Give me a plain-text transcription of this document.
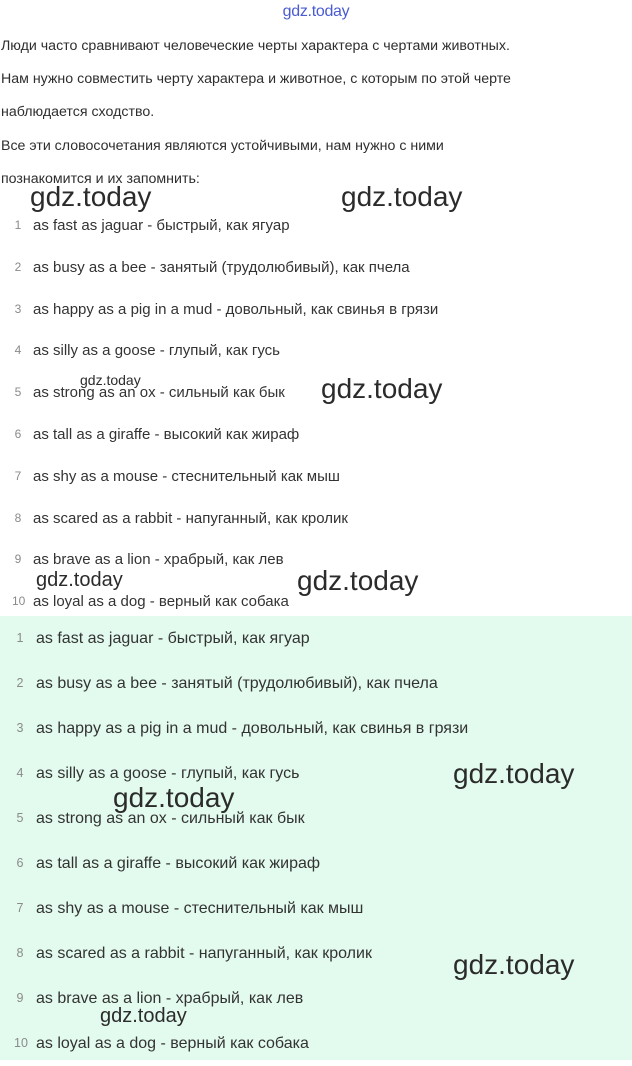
gdz.today

Люди часто сравнивают человеческие черты характера с чертами животных.

Нам нужно совместить черту характера и животное, с которым по этой черте

наблюдается сходство.

Все эти словосочетания являются устойчивыми, нам нужно с ними

познакомится и их запомнить:

1 as fast as jaguar - быстрый, как ягуар
2 as busy as a bee - занятый (трудолюбивый), как пчела
3 as happy as a pig in a mud - довольный, как свинья в грязи
4 as silly as a goose - глупый, как гусь
5 as strong as an ox - сильный как бык
6 as tall as a giraffe - высокий как жираф
7 as shy as a mouse - стеснительный как мыш
8 as scared as a rabbit - напуганный, как кролик
9 as brave as a lion - храбрый, как лев
10 as loyal as a dog - верный как собака
1 as fast as jaguar - быстрый, как ягуар
2 as busy as a bee - занятый (трудолюбивый), как пчела
3 as happy as a pig in a mud - довольный, как свинья в грязи
4 as silly as a goose - глупый, как гусь
5 as strong as an ox - сильный как бык
6 as tall as a giraffe - высокий как жираф
7 as shy as a mouse - стеснительный как мыш
8 as scared as a rabbit - напуганный, как кролик
9 as brave as a lion - храбрый, как лев
10 as loyal as a dog - верный как собака
gdz.today	gdz.today
gdz.today	gdz.today
gdz.today	gdz.today
gdz.today
gdz.today
gdz.today
gdz.today
